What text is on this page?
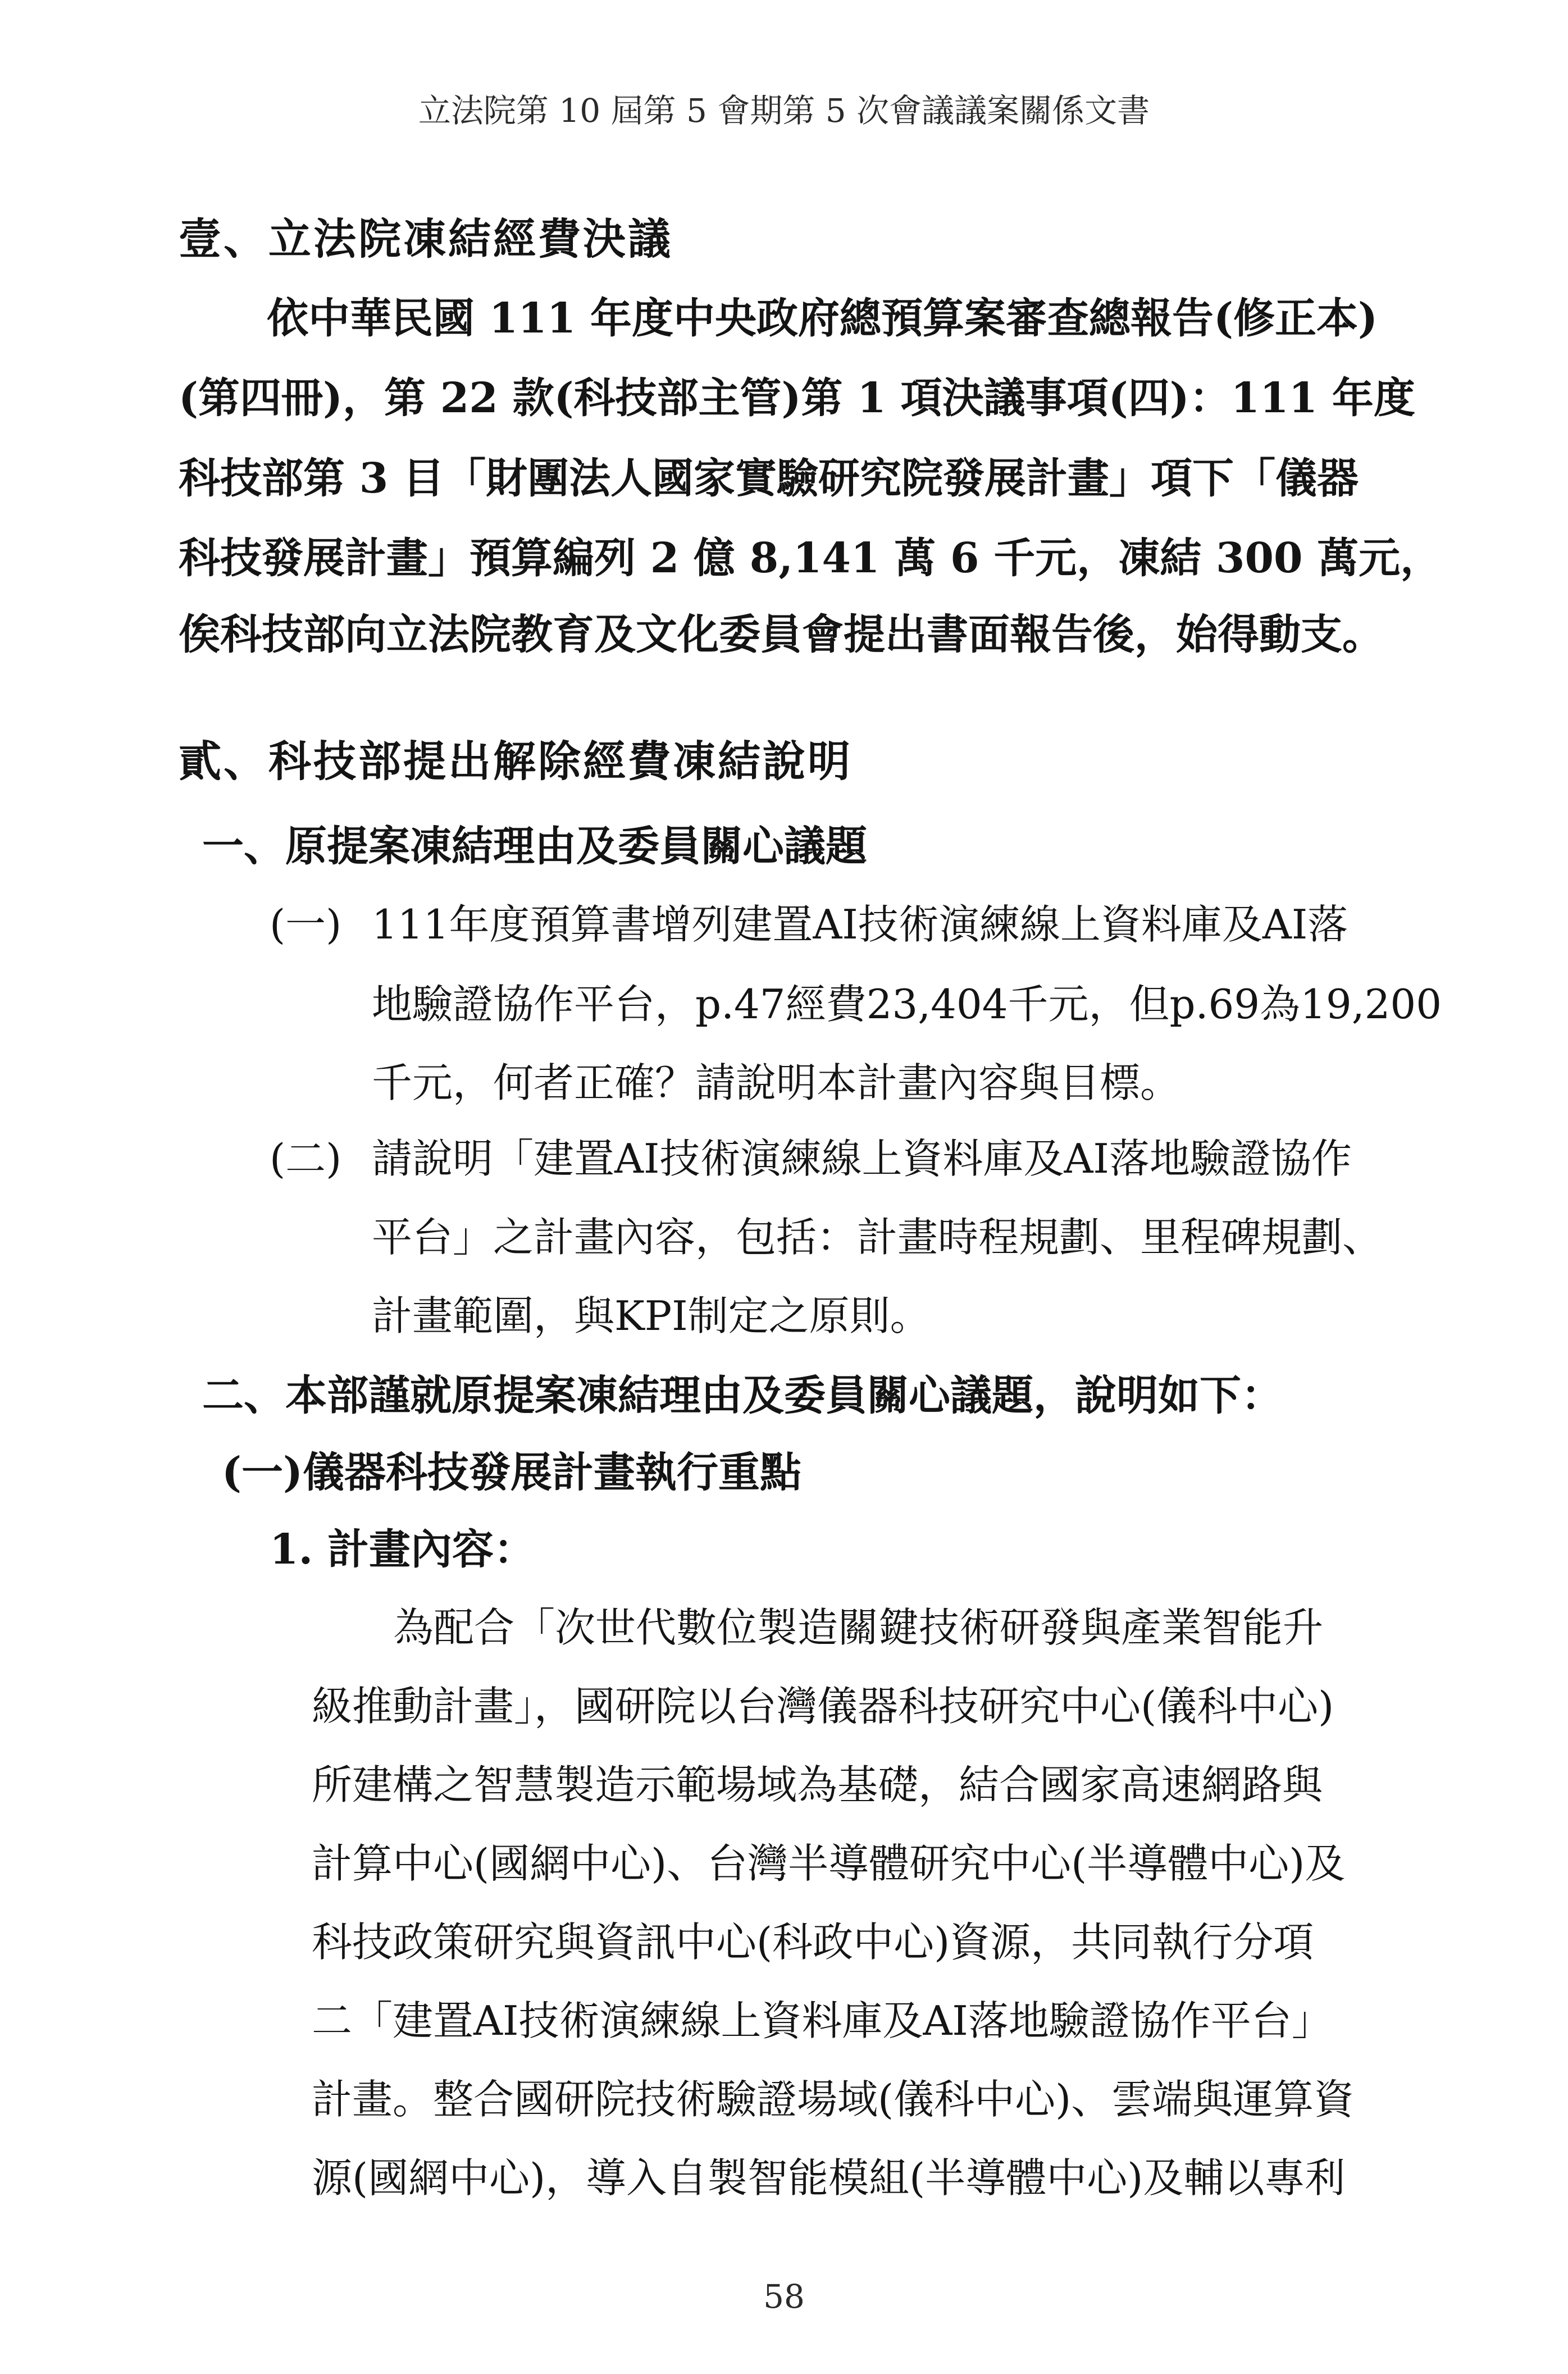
立法院第 10 屆第 5 會期第 5 次會議議案關係文書
壹、立法院凍結經費決議
依中華民國 111 年度中央政府總預算案審查總報告(修正本)
(第四冊)，第 22 款(科技部主管)第 1 項決議事項(四)：111 年度
科技部第 3 目「財團法人國家實驗研究院發展計畫」項下「儀器
科技發展計畫」預算編列 2 億 8,141 萬 6 千元，凍結 300 萬元，
俟科技部向立法院教育及文化委員會提出書面報告後，始得動支。
貳、科技部提出解除經費凍結說明
一、原提案凍結理由及委員關心議題
(一) 111年度預算書增列建置AI技術演練線上資料庫及AI落
地驗證協作平台，p.47經費23,404千元，但p.69為19,200
千元，何者正確？請說明本計畫內容與目標。
(二) 請說明「建置AI技術演練線上資料庫及AI落地驗證協作
平台」之計畫內容，包括：計畫時程規劃、里程碑規劃、
計畫範圍，與KPI制定之原則。
二、本部謹就原提案凍結理由及委員關心議題，說明如下：
(一)儀器科技發展計畫執行重點
1. 計畫內容：
為配合「次世代數位製造關鍵技術研發與產業智能升
級推動計畫」，國研院以台灣儀器科技研究中心(儀科中心)
所建構之智慧製造示範場域為基礎，結合國家高速網路與
計算中心(國網中心)、台灣半導體研究中心(半導體中心)及
科技政策研究與資訊中心(科政中心)資源，共同執行分項
二「建置AI技術演練線上資料庫及AI落地驗證協作平台」
計畫。整合國研院技術驗證場域(儀科中心)、雲端與運算資
源(國網中心)，導入自製智能模組(半導體中心)及輔以專利
58
